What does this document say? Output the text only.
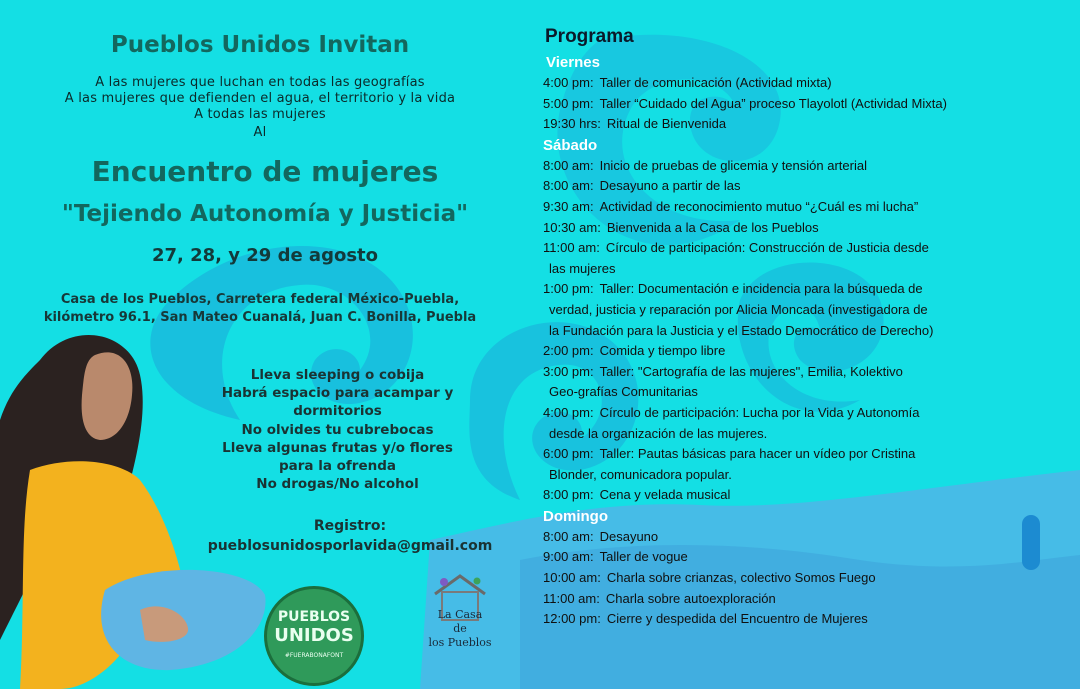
Pueblos Unidos Invitan
A las mujeres que luchan en todas las geografías
A las mujeres que defienden el agua, el territorio y la vida
A todas las mujeres
Al
Encuentro de mujeres
"Tejiendo Autonomía y Justicia"
27, 28, y 29 de agosto
Casa de los Pueblos, Carretera federal México-Puebla,
kilómetro 96.1, San Mateo Cuanalá, Juan C. Bonilla, Puebla
Lleva sleeping o cobija
Habrá espacio para acampar y
dormitorios
No olvides tu cubrebocas
Lleva algunas frutas y/o flores
para la ofrenda
No drogas/No alcohol
Registro:
pueblosunidosporlavida@gmail.com
PUEBLOS
UNIDOS
#FUERABONAFONT
La Casa
de
los Pueblos
Programa
Viernes
4:00 pm: Taller de comunicación (Actividad mixta)
5:00 pm: Taller “Cuidado del Agua” proceso Tlayolotl (Actividad Mixta)
19:30 hrs: Ritual de Bienvenida
Sábado
8:00 am: Inicio de pruebas de glicemia y tensión arterial
8:00 am: Desayuno a partir de las
9:30 am: Actividad de reconocimiento mutuo “¿Cuál es mi lucha”
10:30 am: Bienvenida a la Casa de los Pueblos
11:00 am: Círculo de participación: Construcción de Justicia desde
las mujeres
1:00 pm: Taller: Documentación e incidencia para la búsqueda de
verdad, justicia y reparación por Alicia Moncada (investigadora de
la Fundación para la Justicia y el Estado Democrático de Derecho)
2:00 pm: Comida y tiempo libre
3:00 pm: Taller: "Cartografía de las mujeres", Emilia, Kolektivo
Geo-grafías Comunitarias
4:00 pm: Círculo de participación: Lucha por la Vida y Autonomía
desde la organización de las mujeres.
6:00 pm: Taller: Pautas básicas para hacer un vídeo por Cristina
Blonder, comunicadora popular.
8:00 pm: Cena y velada musical
Domingo
8:00 am: Desayuno
9:00 am: Taller de vogue
10:00 am: Charla sobre crianzas, colectivo Somos Fuego
11:00 am: Charla sobre autoexploración
12:00 pm: Cierre y despedida del Encuentro de Mujeres
